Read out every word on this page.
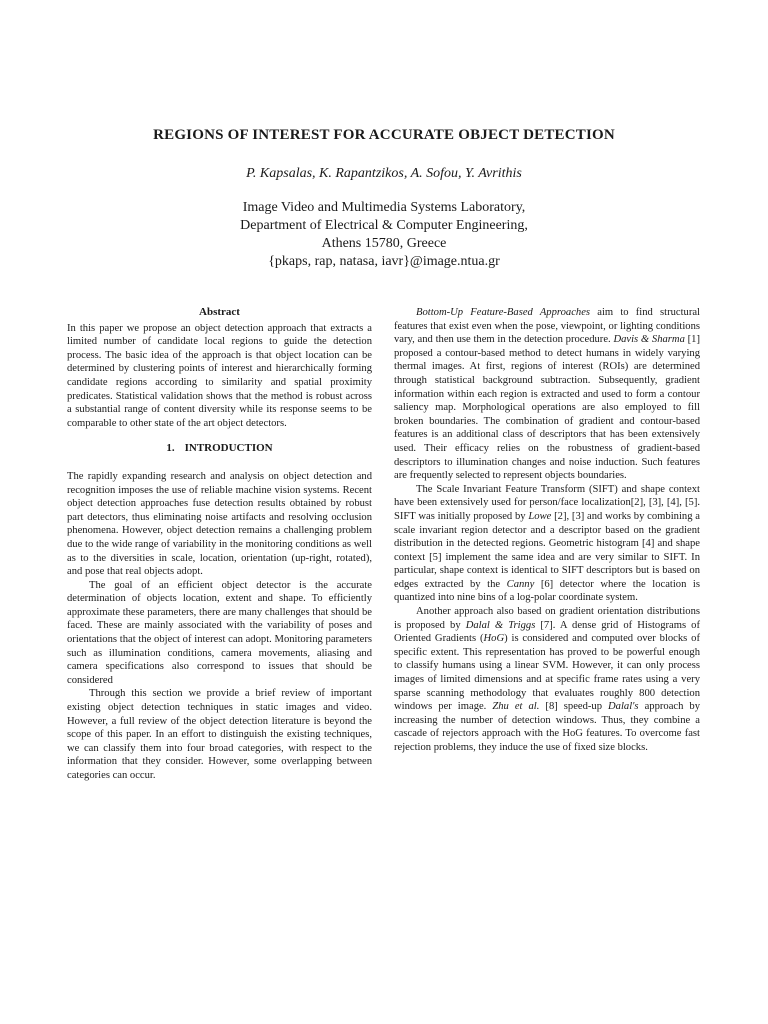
REGIONS OF INTEREST FOR ACCURATE OBJECT DETECTION
P. Kapsalas, K. Rapantzikos, A. Sofou, Y. Avrithis
Image Video and Multimedia Systems Laboratory,
Department of Electrical & Computer Engineering,
Athens 15780, Greece
{pkaps, rap, natasa, iavr}@image.ntua.gr
Abstract

In this paper we propose an object detection approach that extracts a limited number of candidate local regions to guide the detection process. The basic idea of the approach is that object location can be determined by clustering points of interest and hierarchically forming candidate regions according to similarity and spatial proximity predicates. Statistical validation shows that the method is robust across a substantial range of content diversity while its response seems to be comparable to other state of the art object detectors.

1. INTRODUCTION

The rapidly expanding research and analysis on object detection and recognition imposes the use of reliable machine vision systems. Recent object detection approaches fuse detection results obtained by robust part detectors, thus eliminating noise artifacts and resolving occlusion phenomena. However, object detection remains a challenging problem due to the wide range of variability in the monitoring conditions as well as to the diversities in scale, location, orientation (up-right, rotated), and pose that real objects adopt.

The goal of an efficient object detector is the accurate determination of objects location, extent and shape. To efficiently approximate these parameters, there are many challenges that should be faced. These are mainly associated with the variability of poses and orientations that the object of interest can adopt. Monitoring parameters such as illumination conditions, camera movements, aliasing and camera specifications also correspond to issues that should be considered

Through this section we provide a brief review of important existing object detection techniques in static images and video. However, a full review of the object detection literature is beyond the scope of this paper. In an effort to distinguish the existing techniques, we can classify them into four broad categories, with respect to the information that they consider. However, some overlapping between categories can occur.

Bottom-Up Feature-Based Approaches aim to find structural features that exist even when the pose, viewpoint, or lighting conditions vary, and then use them in the detection procedure. Davis & Sharma [1] proposed a contour-based method to detect humans in widely varying thermal images. At first, regions of interest (ROIs) are determined through statistical background subtraction. Subsequently, gradient information within each region is extracted and used to form a contour saliency map. Morphological operations are also employed to fill broken boundaries. The combination of gradient and contour-based features is an additional class of descriptors that has been extensively used. Their efficacy relies on the robustness of gradient-based descriptors to illumination changes and noise induction. Such features are frequently selected to represent objects boundaries.

The Scale Invariant Feature Transform (SIFT) and shape context have been extensively used for person/face localization[2], [3], [4], [5]. SIFT was initially proposed by Lowe [2], [3] and works by combining a scale invariant region detector and a descriptor based on the gradient distribution in the detected regions. Geometric histogram [4] and shape context [5] implement the same idea and are very similar to SIFT. In particular, shape context is identical to SIFT descriptors but is based on edges extracted by the Canny [6] detector where the location is quantized into nine bins of a log-polar coordinate system.

Another approach also based on gradient orientation distributions is proposed by Dalal & Triggs [7]. A dense grid of Histograms of Oriented Gradients (HoG) is considered and computed over blocks of specific extent. This representation has proved to be powerful enough to classify humans using a linear SVM. However, it can only process images of limited dimensions and at specific frame rates using a very sparse scanning methodology that evaluates roughly 800 detection windows per image. Zhu et al. [8] speed-up Dalal's approach by increasing the number of detection windows. Thus, they combine a cascade of rejectors approach with the HoG features. To overcome fast rejection problems, they induce the use of fixed size blocks.
